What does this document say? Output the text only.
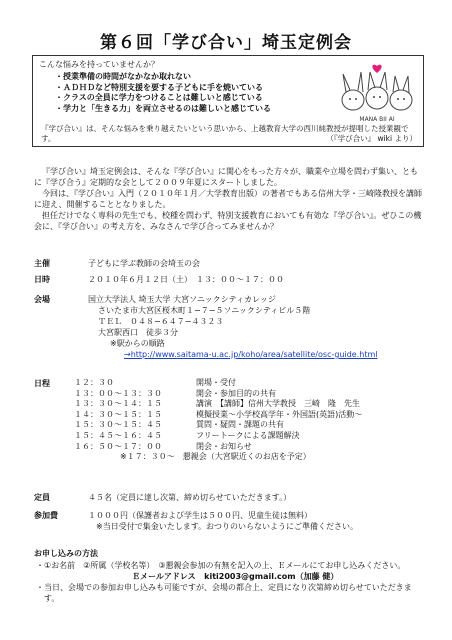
第６回「学び合い」埼玉定例会
こんな悩みを持っていませんか？
・授業準備の時間がなかなか取れない
・ＡＤＨＤなど特別支援を要する子どもに手を焼いている
・クラスの全員に学力をつけることは難しいと感じている
・学力と「生きる力」を両立させるのは難しいと感じている
MANA BII AI
『学び合い』は、そんな悩みを乗り越えたいという思いから、上越教育大学の西川純教授が提唱した授業観です。	（『学び合い』 wiki より）

『学び合い』埼玉定例会は、そんな『学び合い』に関心をもった方々が、職業や立場を問わず集い、ともに『学び合う』定期的な会として２００９年夏にスタートしました。

今回は、『学び合い』入門（２０１０年１月／大学教育出版）の著者でもある信州大学・三崎隆教授を講師に迎え、開催することとなりました。

担任だけでなく専科の先生でも、校種を問わず、特別支援教育においても有効な『学び合い』。ぜひこの機会に、『学び合い』の考え方を、みなさんで学び合ってみませんか？

主催	子どもに学ぶ教師の会埼玉の会
日時	２０１０年６月１２日（土）　１３：００～１７：００
会場	国立大学法人 埼玉大学 大宮ソニックシティカレッジ
さいたま市大宮区桜木町１−７−５ソニックシティビル５階
ＴＥＬ　０４８−６４７−４３２３
大宮駅西口　徒歩３分
※駅からの順路
→http://www.saitama-u.ac.jp/koho/area/satellite/osc-guide.html
日程	１２：３０	開場・受付
１３：００～１３：３０	開会・参加目的の共有
１３：３０～１４：１５	講演　【講師】信州大学教授　三崎　隆　先生
１４：３０～１５：１５	模擬授業～小学校高学年・外国語(英語)活動～
１５：３０～１５：４５	質問・疑問・課題の共有
１５：４５～１６：４５	フリートークによる課題解決
１６：５０～１７：００	閉会・お知らせ
※１７：３０～　懇親会（大宮駅近くのお店を予定）
定員	４５名（定員に達し次第、締め切らせていただきます。）
参加費	１０００円（保護者および学生は５００円、児童生徒は無料）
※当日受付で集金いたします。おつりのいらないようにご準備ください。
お申し込みの方法
・①お名前　②所属（学校名等）　③懇親会参加の有無を記入の上、Ｅメールにてお申し込みください。
Ｅメールアドレス kiti2003@gmail.com（加藤 健）
・当日、会場での参加お申し込みも可能ですが、会場の都合上、定員になり次第締め切らせていただきます。
